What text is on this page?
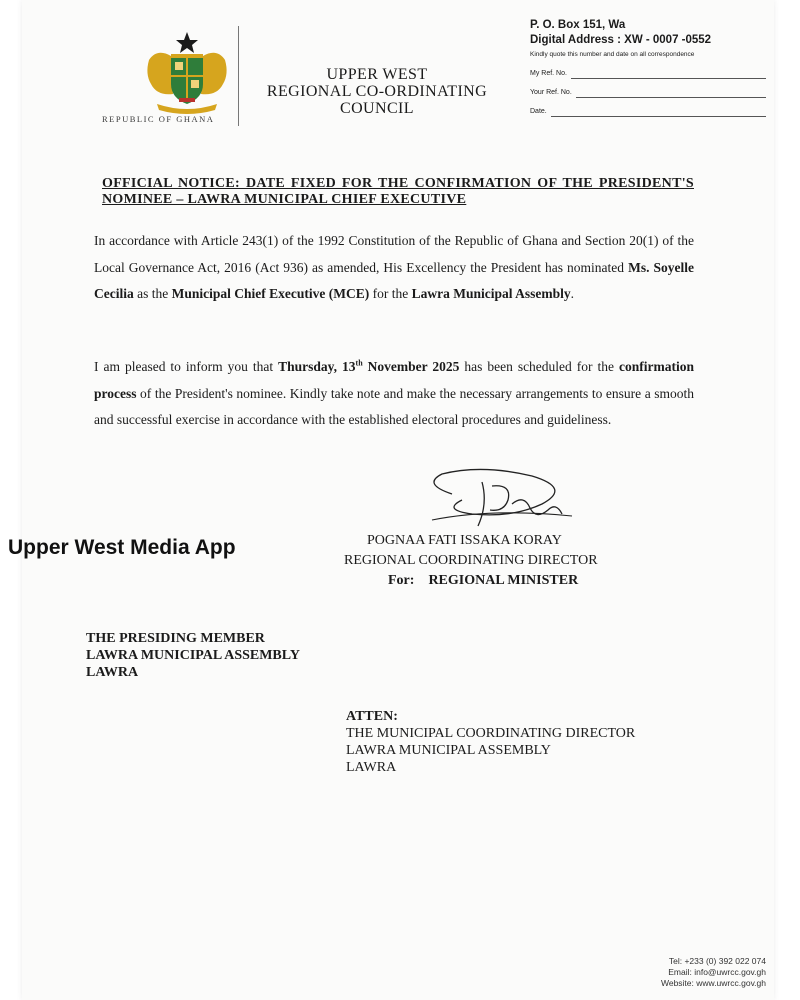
REPUBLIC OF GHANA
UPPER WEST
REGIONAL CO-ORDINATING
COUNCIL
P. O. Box 151, Wa
Digital Address : XW - 0007 -0552
Kindly quote this number and date on all correspondence
My Ref. No.
Your Ref. No.
Date.
OFFICIAL NOTICE: DATE FIXED FOR THE CONFIRMATION OF THE PRESIDENT'S NOMINEE – LAWRA MUNICIPAL CHIEF EXECUTIVE
In accordance with Article 243(1) of the 1992 Constitution of the Republic of Ghana and Section 20(1) of the Local Governance Act, 2016 (Act 936) as amended, His Excellency the President has nominated Ms. Soyelle Cecilia as the Municipal Chief Executive (MCE) for the Lawra Municipal Assembly.
I am pleased to inform you that Thursday, 13th November 2025 has been scheduled for the confirmation process of the President's nominee. Kindly take note and make the necessary arrangements to ensure a smooth and successful exercise in accordance with the established electoral procedures and guideliness.
POGNAA FATI ISSAKA KORAY
REGIONAL COORDINATING DIRECTOR
For: REGIONAL MINISTER
Upper West Media App
THE PRESIDING MEMBER
LAWRA MUNICIPAL ASSEMBLY
LAWRA
ATTEN:
THE MUNICIPAL COORDINATING DIRECTOR
LAWRA MUNICIPAL ASSEMBLY
LAWRA
Tel: +233 (0) 392 022 074
Email: info@uwrcc.gov.gh
Website: www.uwrcc.gov.gh
